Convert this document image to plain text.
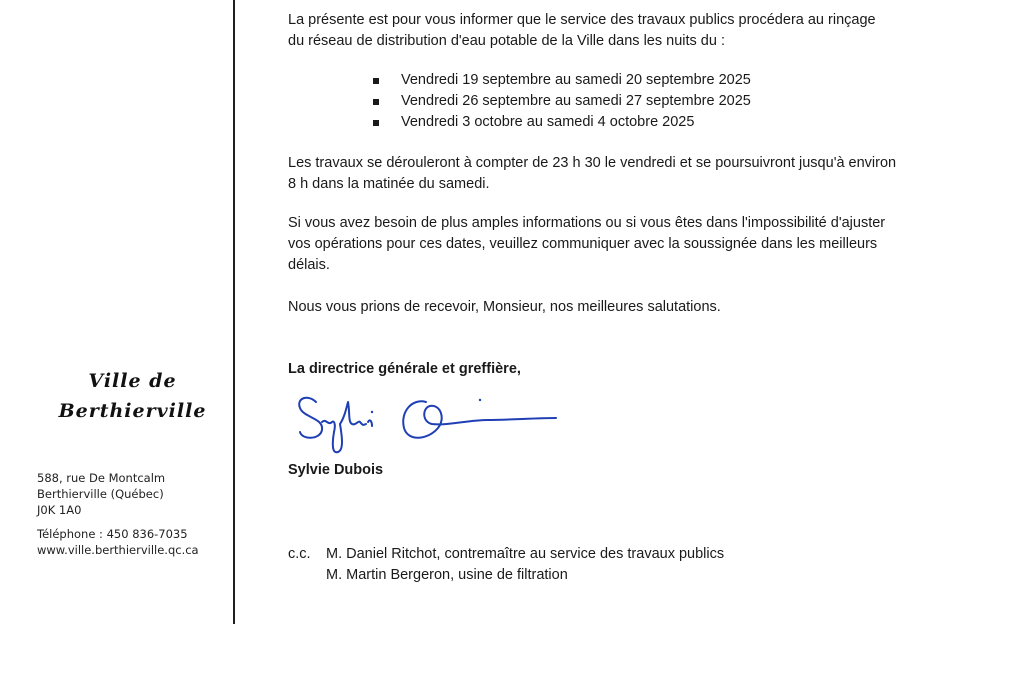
Ville de
Berthierville
588, rue De Montcalm
Berthierville (Québec)
J0K 1A0
Téléphone : 450 836-7035
www.ville.berthierville.qc.ca

La présente est pour vous informer que le service des travaux publics procédera au rinçage
du réseau de distribution d'eau potable de la Ville dans les nuits du :

Vendredi 19 septembre au samedi 20 septembre 2025
Vendredi 26 septembre au samedi 27 septembre 2025
Vendredi 3 octobre au samedi 4 octobre 2025

Les travaux se dérouleront à compter de 23 h 30 le vendredi et se poursuivront jusqu'à environ
8 h dans la matinée du samedi.

Si vous avez besoin de plus amples informations ou si vous êtes dans l'impossibilité d'ajuster
vos opérations pour ces dates, veuillez communiquer avec la soussignée dans les meilleurs
délais.

Nous vous prions de recevoir, Monsieur, nos meilleures salutations.

La directrice générale et greffière,

Sylvie Dubois

c.c. M. Daniel Ritchot, contremaître au service des travaux publics
M. Martin Bergeron, usine de filtration
